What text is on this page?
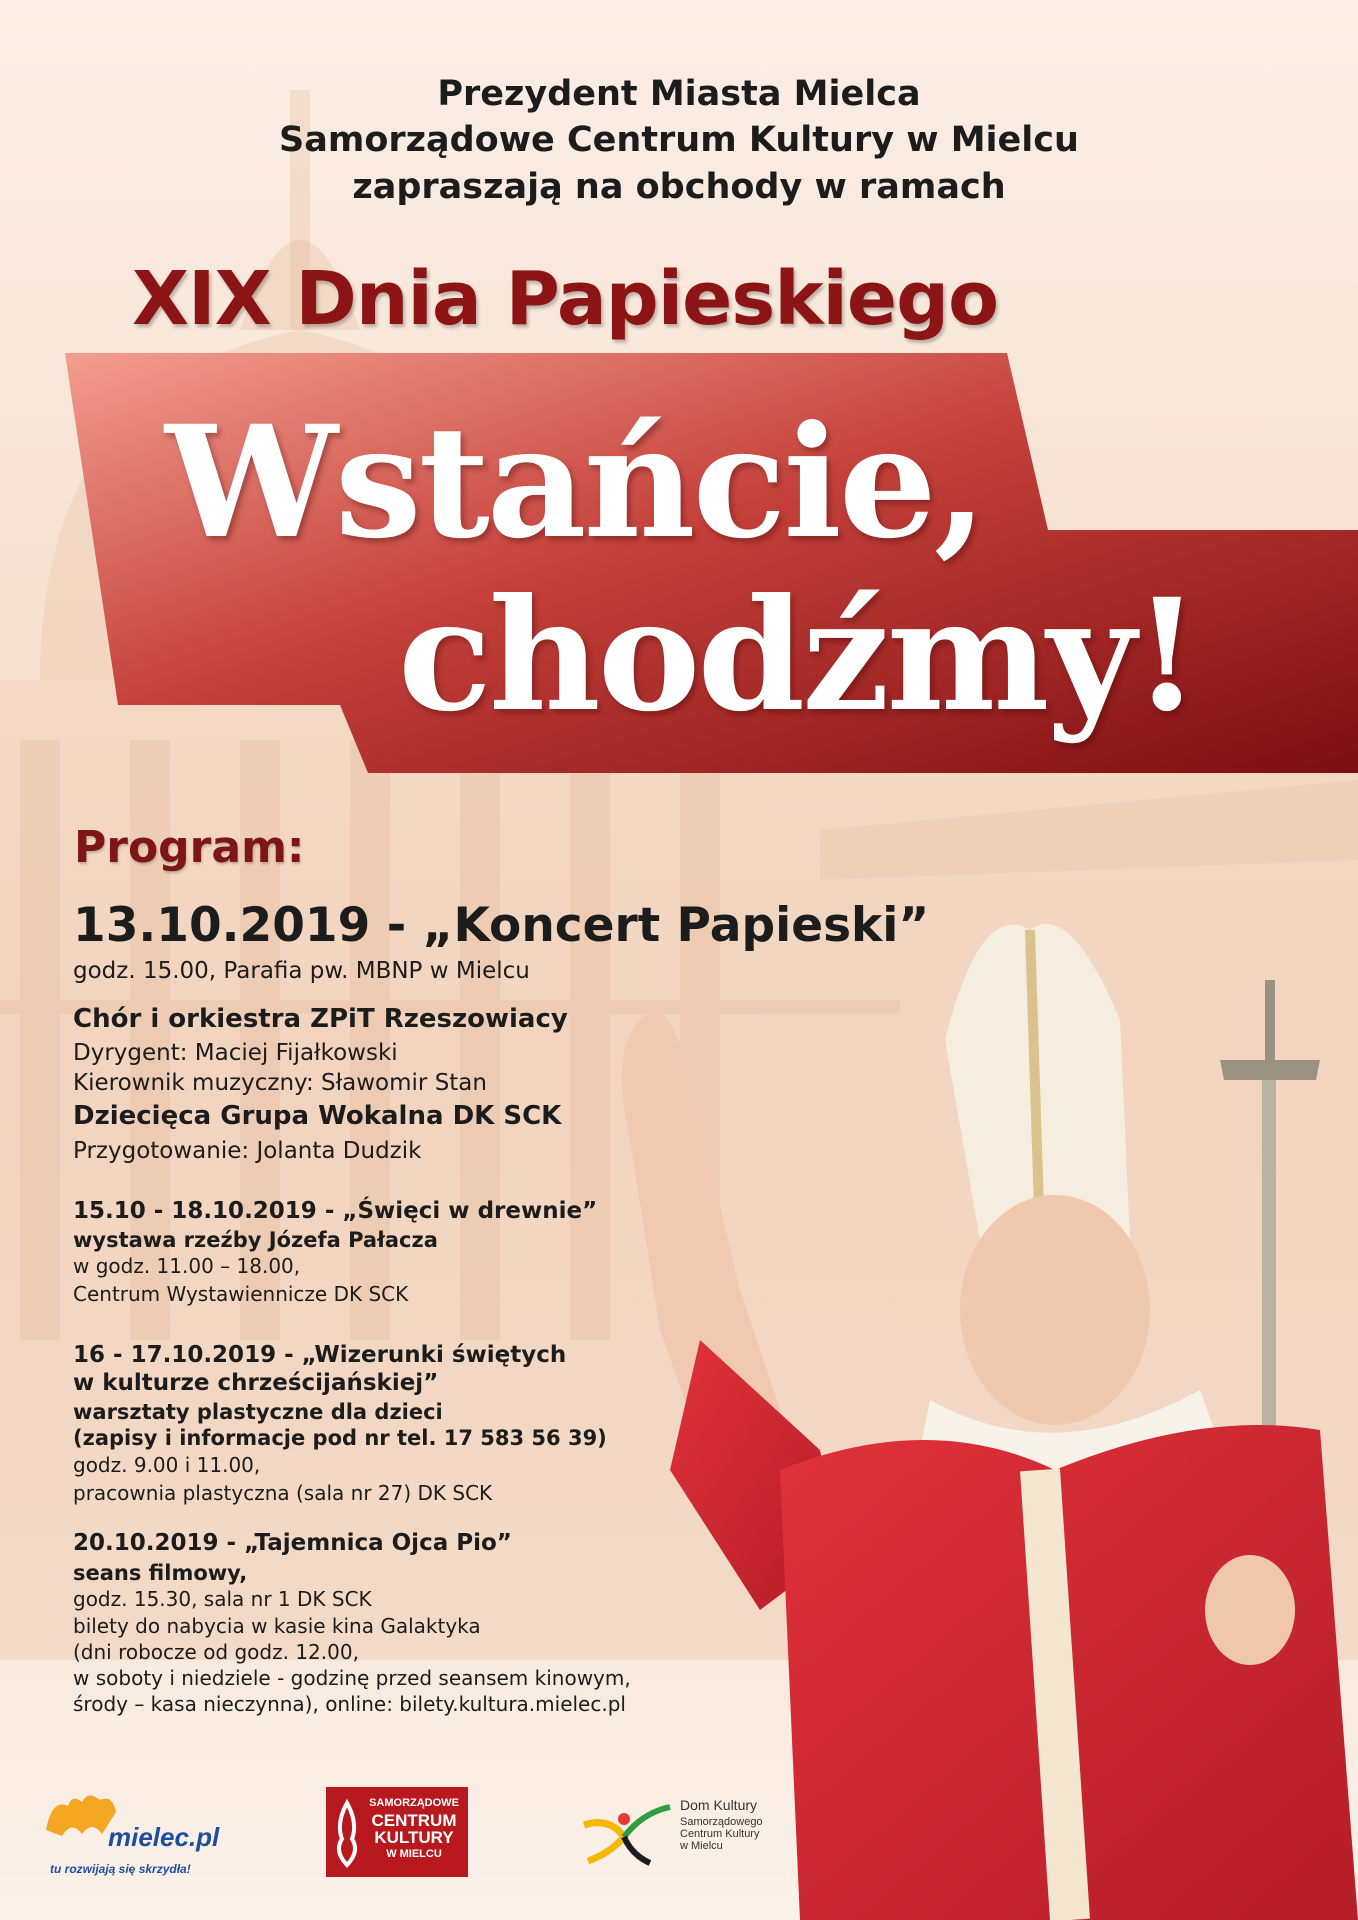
Prezydent Miasta Mielca
Samorządowe Centrum Kultury w Mielcu
zapraszają na obchody w ramach
XIX Dnia Papieskiego
Wstańcie,
chodźmy!
Program:
13.10.2019 - „Koncert Papieski”
godz. 15.00, Parafia pw. MBNP w Mielcu
Chór i orkiestra ZPiT Rzeszowiacy
Dyrygent: Maciej Fijałkowski
Kierownik muzyczny: Sławomir Stan
Dziecięca Grupa Wokalna DK SCK
Przygotowanie: Jolanta Dudzik
15.10 - 18.10.2019 - „Święci w drewnie”
wystawa rzeźby Józefa Pałacza
w godz. 11.00 – 18.00,
Centrum Wystawiennicze DK SCK
16 - 17.10.2019 - „Wizerunki świętych
w kulturze chrześcijańskiej”
warsztaty plastyczne dla dzieci
(zapisy i informacje pod nr tel. 17 583 56 39)
godz. 9.00 i 11.00,
pracownia plastyczna (sala nr 27) DK SCK
20.10.2019 - „Tajemnica Ojca Pio”
seans filmowy,
godz. 15.30, sala nr 1 DK SCK
bilety do nabycia w kasie kina Galaktyka
(dni robocze od godz. 12.00,
w soboty i niedziele - godzinę przed seansem kinowym,
środy – kasa nieczynna), online: bilety.kultura.mielec.pl
mielec.pl
tu rozwijają się skrzydła!
SAMORZĄDOWE
CENTRUM
KULTURY
W MIELCU
Dom Kultury
Samorządowego
Centrum Kultury
w Mielcu
